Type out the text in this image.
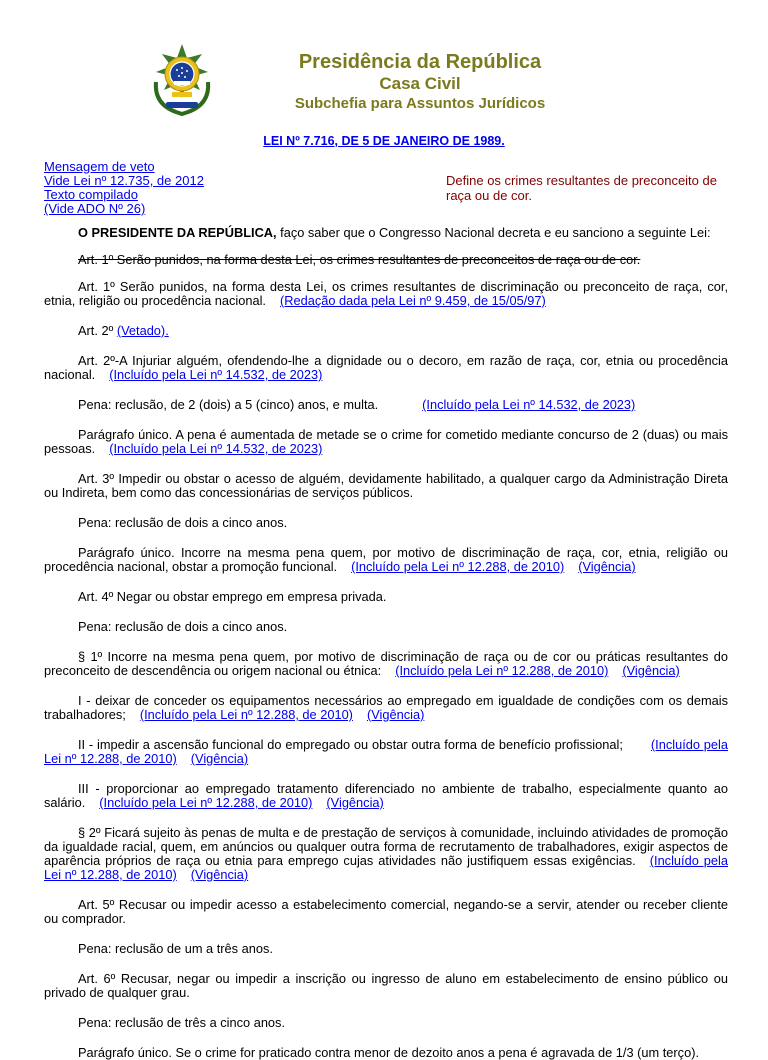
Presidência da República
Casa Civil
Subchefia para Assuntos Jurídicos
LEI Nº 7.716, DE 5 DE JANEIRO DE 1989.
Mensagem de veto
Vide Lei nº 12.735, de 2012
Texto compilado
(Vide ADO Nº 26)
Define os crimes resultantes de preconceito de raça ou de cor.

O PRESIDENTE DA REPÚBLICA, faço saber que o Congresso Nacional decreta e eu sanciono a seguinte Lei:

Art. 1º Serão punidos, na forma desta Lei, os crimes resultantes de preconceitos de raça ou de cor.

Art. 1º Serão punidos, na forma desta Lei, os crimes resultantes de discriminação ou preconceito de raça, cor, etnia, religião ou procedência nacional. (Redação dada pela Lei nº 9.459, de 15/05/97)

Art. 2º (Vetado).

Art. 2º-A Injuriar alguém, ofendendo-lhe a dignidade ou o decoro, em razão de raça, cor, etnia ou procedência nacional. (Incluído pela Lei nº 14.532, de 2023)

Pena: reclusão, de 2 (dois) a 5 (cinco) anos, e multa.	(Incluído pela Lei nº 14.532, de 2023)

Parágrafo único. A pena é aumentada de metade se o crime for cometido mediante concurso de 2 (duas) ou mais pessoas. (Incluído pela Lei nº 14.532, de 2023)

Art. 3º Impedir ou obstar o acesso de alguém, devidamente habilitado, a qualquer cargo da Administração Direta ou Indireta, bem como das concessionárias de serviços públicos.

Pena: reclusão de dois a cinco anos.

Parágrafo único. Incorre na mesma pena quem, por motivo de discriminação de raça, cor, etnia, religião ou procedência nacional, obstar a promoção funcional. (Incluído pela Lei nº 12.288, de 2010) (Vigência)

Art. 4º Negar ou obstar emprego em empresa privada.

Pena: reclusão de dois a cinco anos.

§ 1º Incorre na mesma pena quem, por motivo de discriminação de raça ou de cor ou práticas resultantes do preconceito de descendência ou origem nacional ou étnica: (Incluído pela Lei nº 12.288, de 2010) (Vigência)

I - deixar de conceder os equipamentos necessários ao empregado em igualdade de condições com os demais trabalhadores; (Incluído pela Lei nº 12.288, de 2010) (Vigência)

II - impedir a ascensão funcional do empregado ou obstar outra forma de benefício profissional; (Incluído pela Lei nº 12.288, de 2010) (Vigência)

III - proporcionar ao empregado tratamento diferenciado no ambiente de trabalho, especialmente quanto ao salário. (Incluído pela Lei nº 12.288, de 2010) (Vigência)

§ 2º Ficará sujeito às penas de multa e de prestação de serviços à comunidade, incluindo atividades de promoção da igualdade racial, quem, em anúncios ou qualquer outra forma de recrutamento de trabalhadores, exigir aspectos de aparência próprios de raça ou etnia para emprego cujas atividades não justifiquem essas exigências. (Incluído pela Lei nº 12.288, de 2010) (Vigência)

Art. 5º Recusar ou impedir acesso a estabelecimento comercial, negando-se a servir, atender ou receber cliente ou comprador.

Pena: reclusão de um a três anos.

Art. 6º Recusar, negar ou impedir a inscrição ou ingresso de aluno em estabelecimento de ensino público ou privado de qualquer grau.

Pena: reclusão de três a cinco anos.

Parágrafo único. Se o crime for praticado contra menor de dezoito anos a pena é agravada de 1/3 (um terço).
